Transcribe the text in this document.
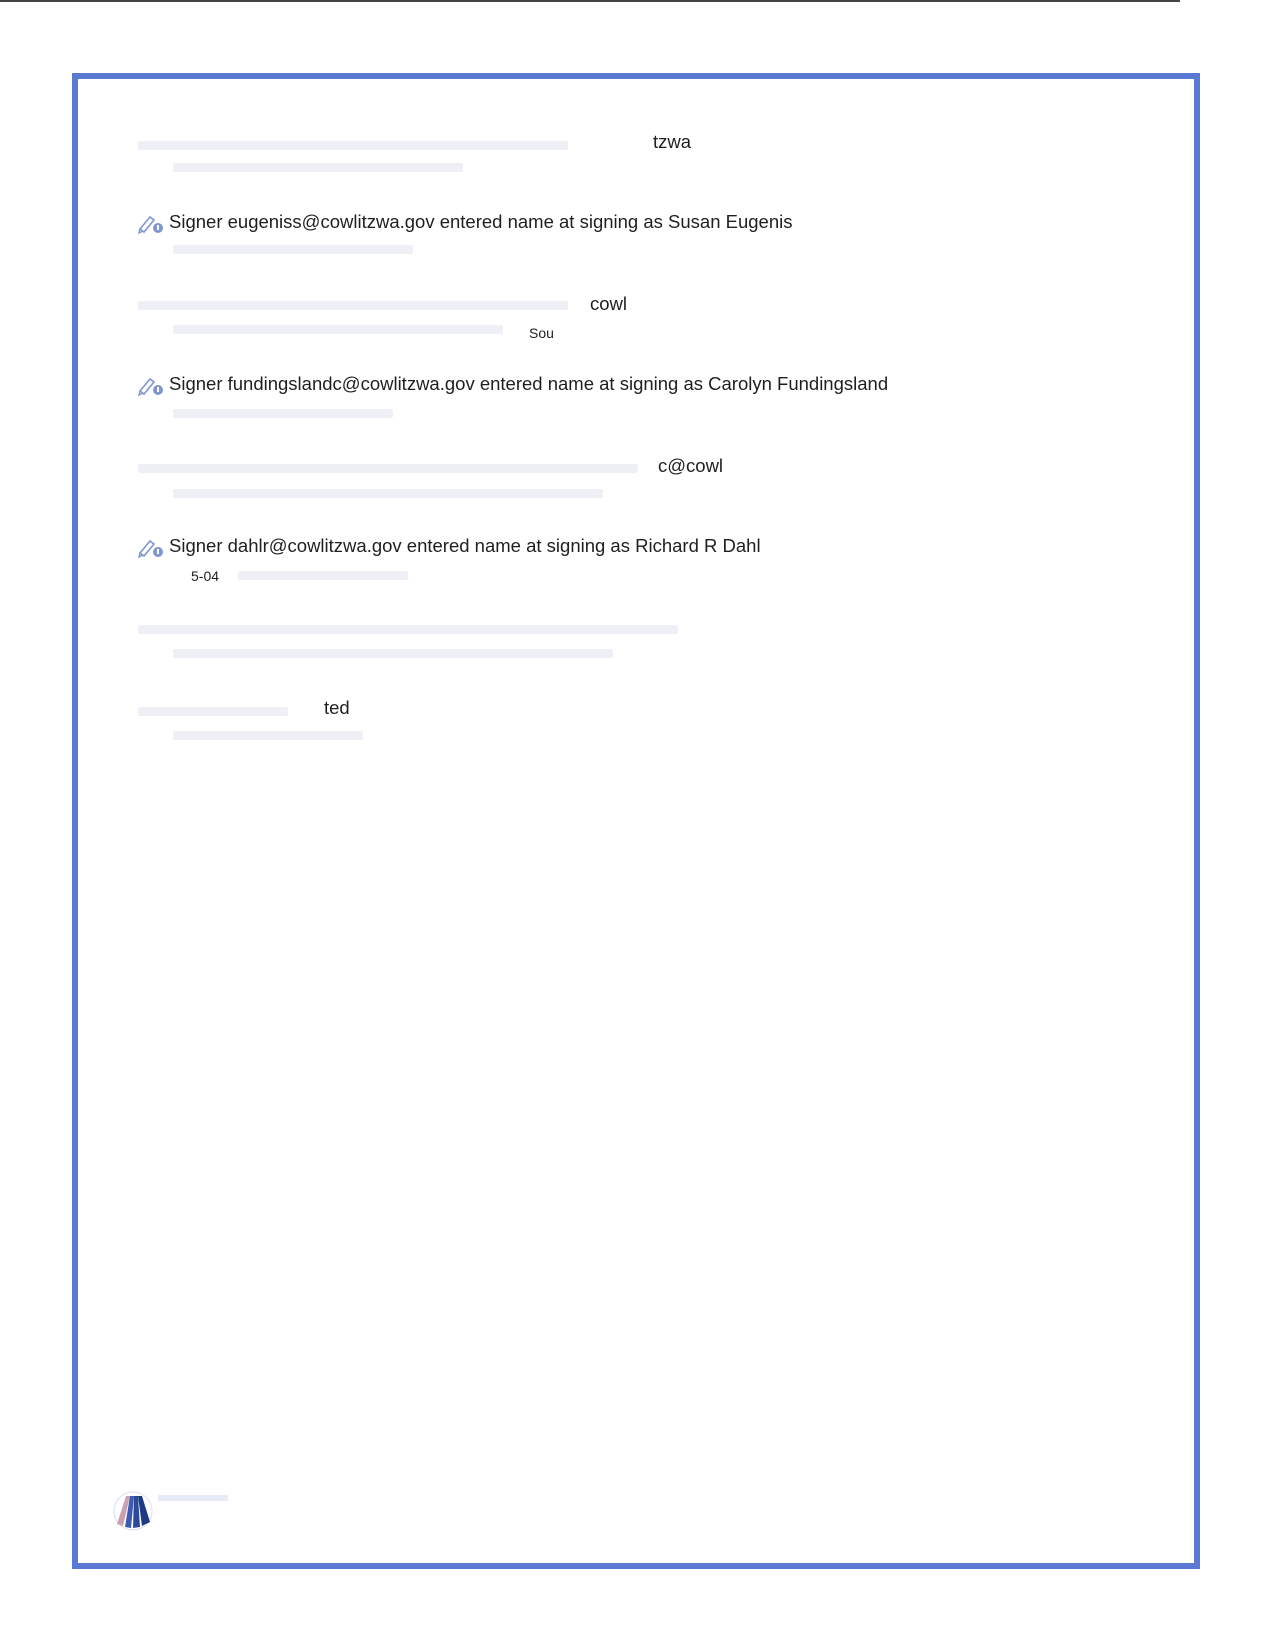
tzwa
cowl
Sou
c@cowl
5-04
ted
Signer eugeniss@cowlitzwa.gov entered name at signing as Susan Eugenis
Signer fundingslandc@cowlitzwa.gov entered name at signing as Carolyn Fundingsland
Signer dahlr@cowlitzwa.gov entered name at signing as Richard R Dahl
